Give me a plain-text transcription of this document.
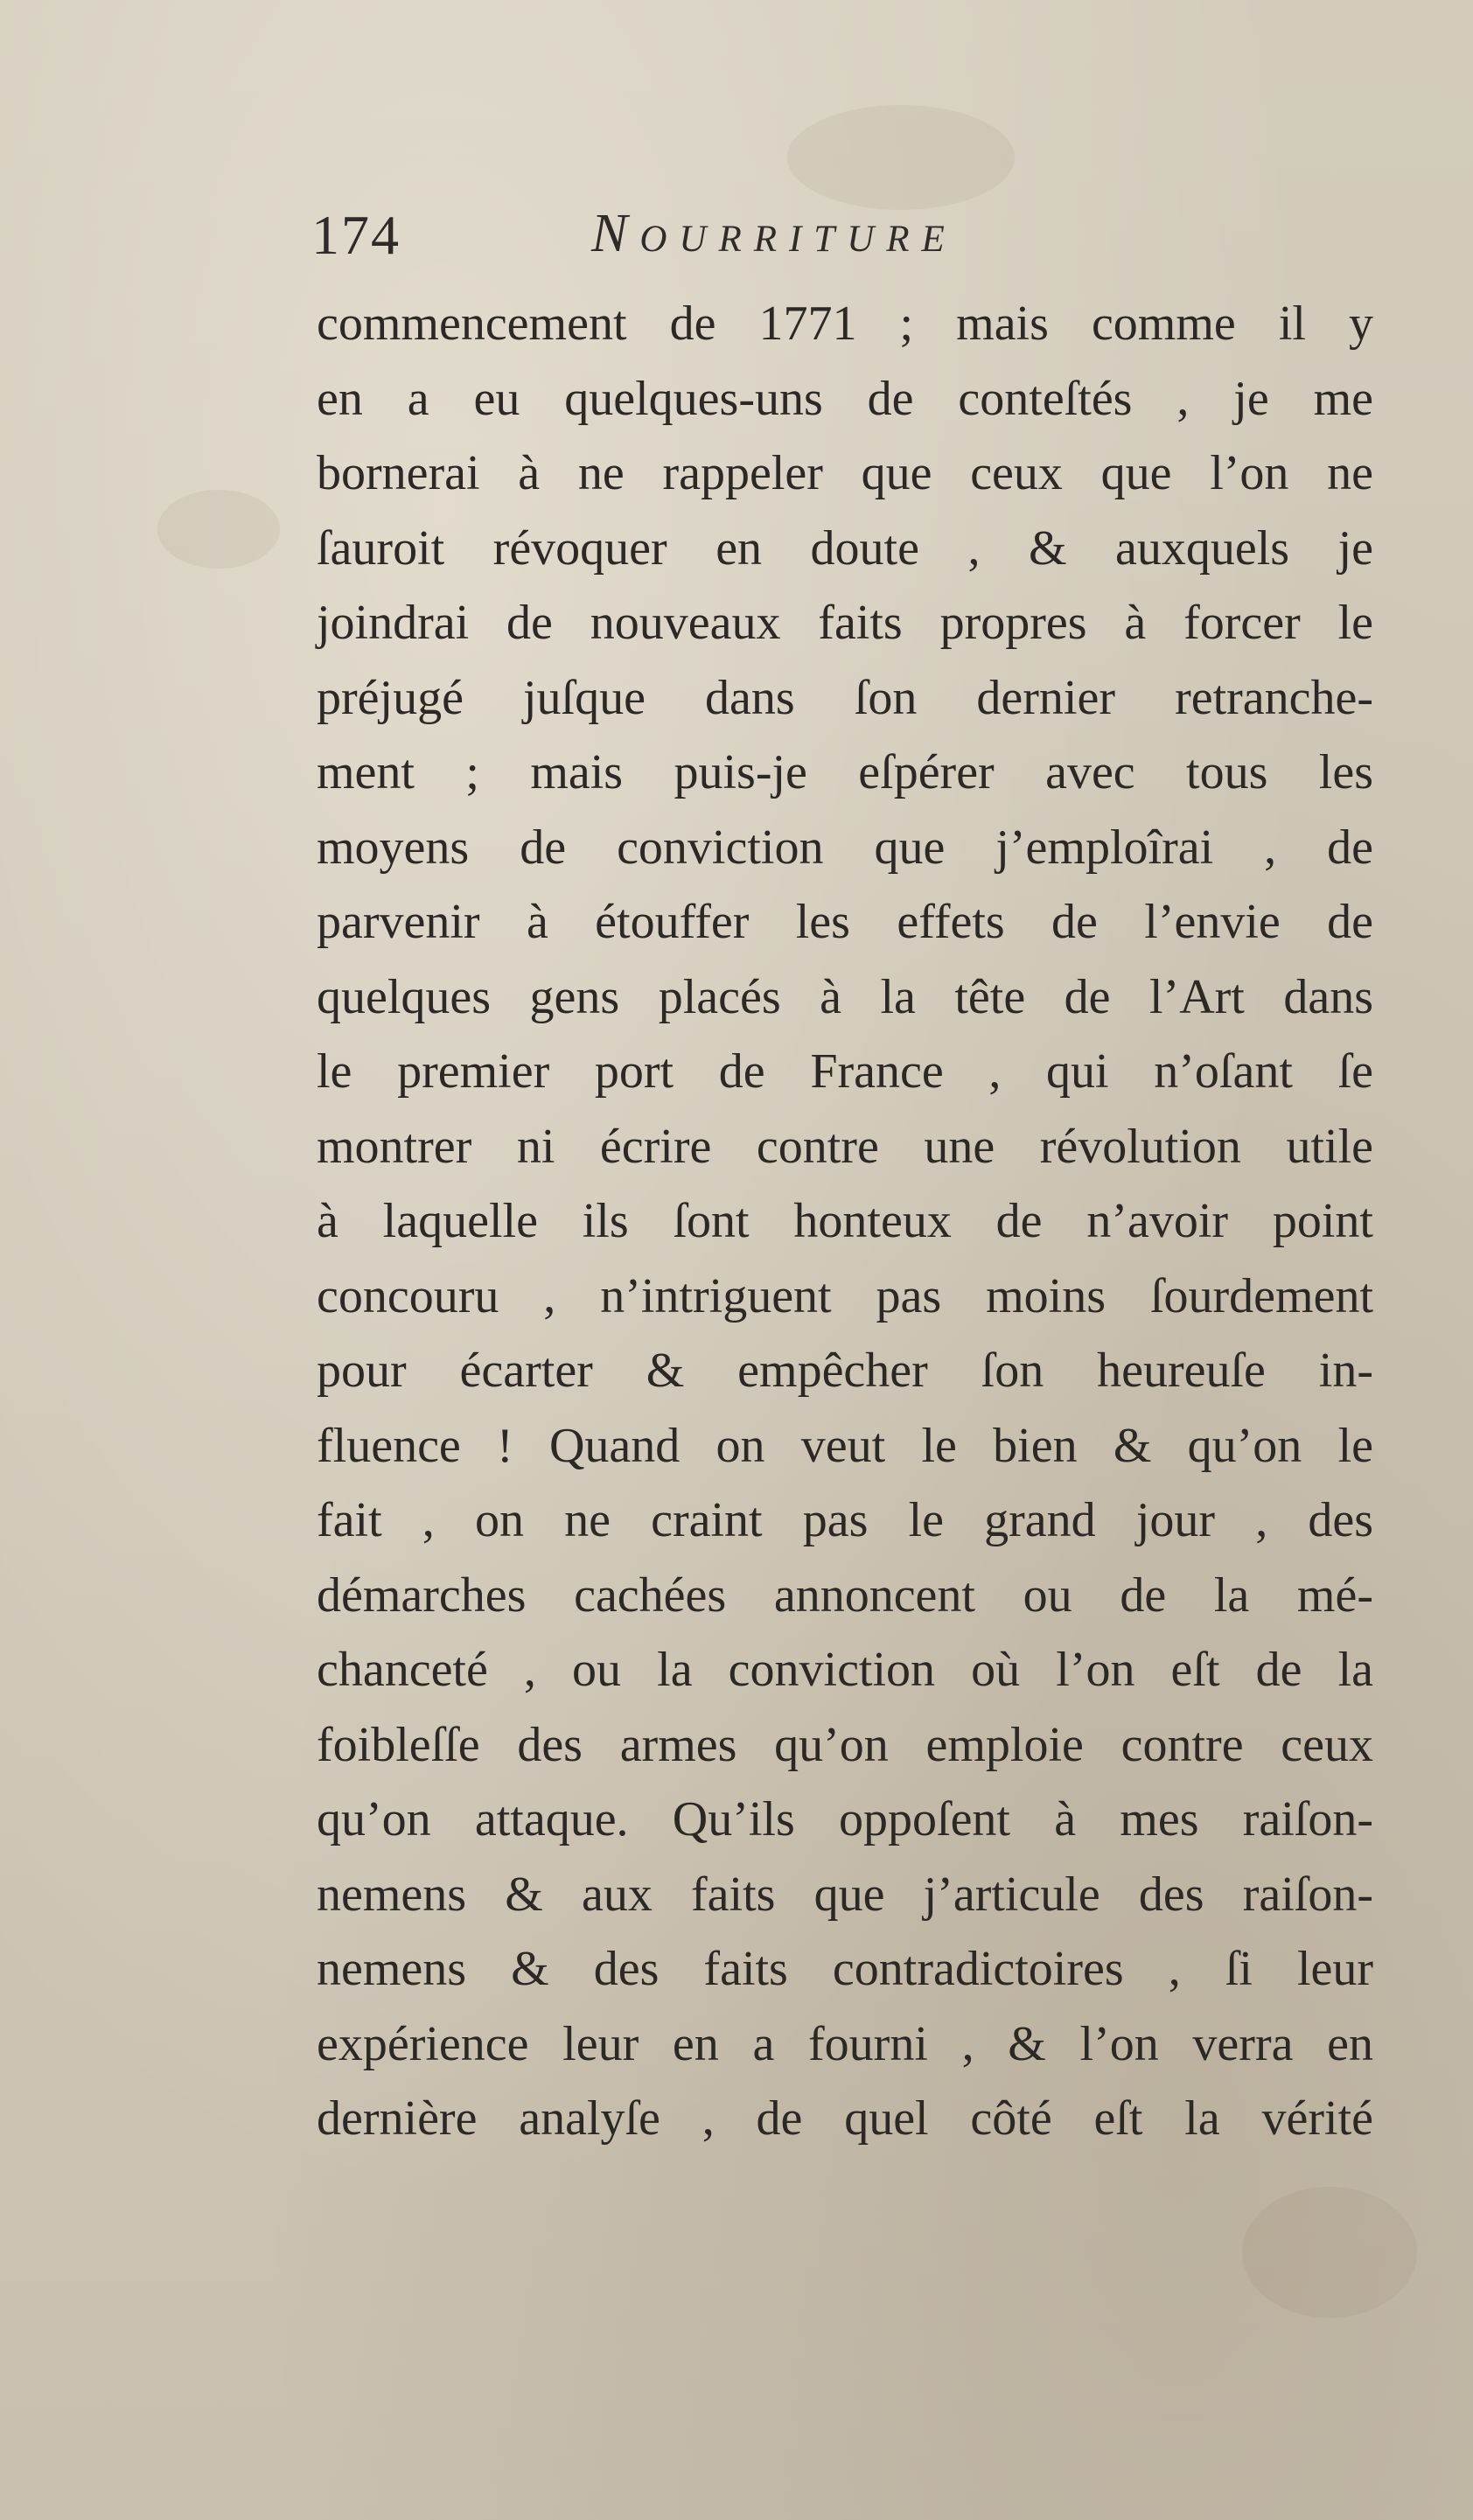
174	Nourriture
commencement de 1771 ; mais comme il y
en a eu quelques-uns de conteſtés , je me
bornerai à ne rappeler que ceux que l’on ne
ſauroit révoquer en doute , & auxquels je
joindrai de nouveaux faits propres à forcer le
préjugé juſque dans ſon dernier retranche-
ment ; mais puis-je eſpérer avec tous les
moyens de conviction que j’emploîrai , de
parvenir à étouffer les effets de l’envie de
quelques gens placés à la tête de l’Art dans
le premier port de France , qui n’oſant ſe
montrer ni écrire contre une révolution utile
à laquelle ils ſont honteux de n’avoir point
concouru , n’intriguent pas moins ſourdement
pour écarter & empêcher ſon heureuſe in-
fluence ! Quand on veut le bien & qu’on le
fait , on ne craint pas le grand jour , des
démarches cachées annoncent ou de la mé-
chanceté , ou la conviction où l’on eſt de la
foibleſſe des armes qu’on emploie contre ceux
qu’on attaque. Qu’ils oppoſent à mes raiſon-
nemens & aux faits que j’articule des raiſon-
nemens & des faits contradictoires , ſi leur
expérience leur en a fourni , & l’on verra en
dernière analyſe , de quel côté eſt la vérité
